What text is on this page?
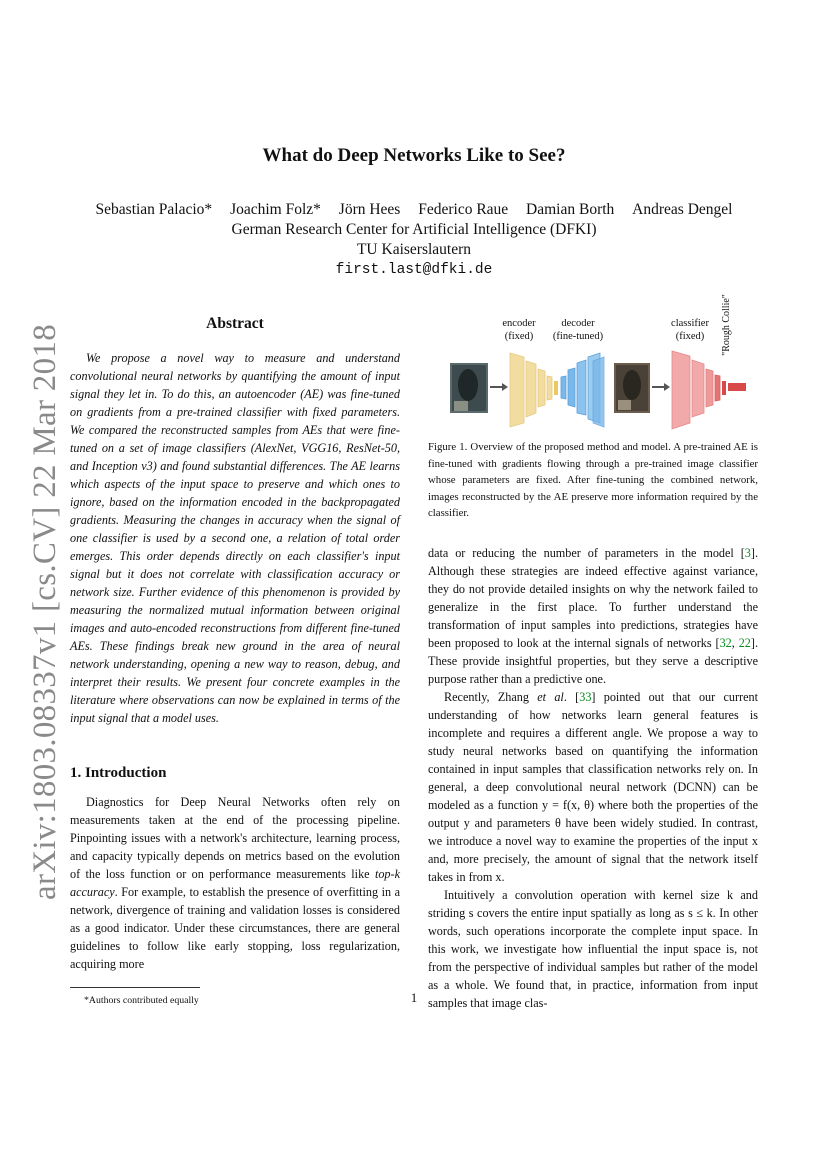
arXiv:1803.08337v1 [cs.CV] 22 Mar 2018
What do Deep Networks Like to See?
Sebastian Palacio* Joachim Folz* Jörn Hees Federico Raue Damian Borth Andreas Dengel
German Research Center for Artificial Intelligence (DFKI)
TU Kaiserslautern
first.last@dfki.de
Abstract

We propose a novel way to measure and understand convolutional neural networks by quantifying the amount of input signal they let in. To do this, an autoencoder (AE) was fine-tuned on gradients from a pre-trained classifier with fixed parameters. We compared the reconstructed samples from AEs that were fine-tuned on a set of image classifiers (AlexNet, VGG16, ResNet-50, and Inception v3) and found substantial differences. The AE learns which aspects of the input space to preserve and which ones to ignore, based on the information encoded in the backpropagated gradients. Measuring the changes in accuracy when the signal of one classifier is used by a second one, a relation of total order emerges. This order depends directly on each classifier's input signal but it does not correlate with classification accuracy or network size. Further evidence of this phenomenon is provided by measuring the normalized mutual information between original images and auto-encoded reconstructions from different fine-tuned AEs. These findings break new ground in the area of neural network understanding, opening a new way to reason, debug, and interpret their results. We present four concrete examples in the literature where observations can now be explained in terms of the input signal that a model uses.

1. Introduction

Diagnostics for Deep Neural Networks often rely on measurements taken at the end of the processing pipeline. Pinpointing issues with a network's architecture, learning process, and capacity typically depends on metrics based on the evolution of the loss function or on performance measurements like top-k accuracy. For example, to establish the presence of overfitting in a network, divergence of training and validation losses is considered as a good indicator. Under these circumstances, there are general guidelines to follow like early stopping, loss regularization, acquiring more

*Authors contributed equally
encoder
(fixed)
decoder
(fine-tuned)
classifier
(fixed)	"Rough Collie"

Figure 1. Overview of the proposed method and model. A pre-trained AE is fine-tuned with gradients flowing through a pre-trained image classifier whose parameters are fixed. After fine-tuning the combined network, images reconstructed by the AE preserve more information required by the classifier.

data or reducing the number of parameters in the model [3]. Although these strategies are indeed effective against variance, they do not provide detailed insights on why the network failed to generalize in the first place. To further understand the transformation of input samples into predictions, strategies have been proposed to look at the internal signals of networks [32, 22]. These provide insightful properties, but they serve a descriptive purpose rather than a predictive one.

Recently, Zhang et al. [33] pointed out that our current understanding of how networks learn general features is incomplete and requires a different angle. We propose a way to study neural networks based on quantifying the information contained in input samples that classification networks rely on. In general, a deep convolutional neural network (DCNN) can be modeled as a function y = f(x, θ) where both the properties of the output y and parameters θ have been widely studied. In contrast, we introduce a novel way to examine the properties of the input x and, more precisely, the amount of signal that the network itself takes in from x.

Intuitively a convolution operation with kernel size k and striding s covers the entire input spatially as long as s ≤ k. In other words, such operations incorporate the complete input space. In this work, we investigate how influential the input space is, not from the perspective of individual samples but rather of the model as a whole. We found that, in practice, information from input samples that image clas-

1
